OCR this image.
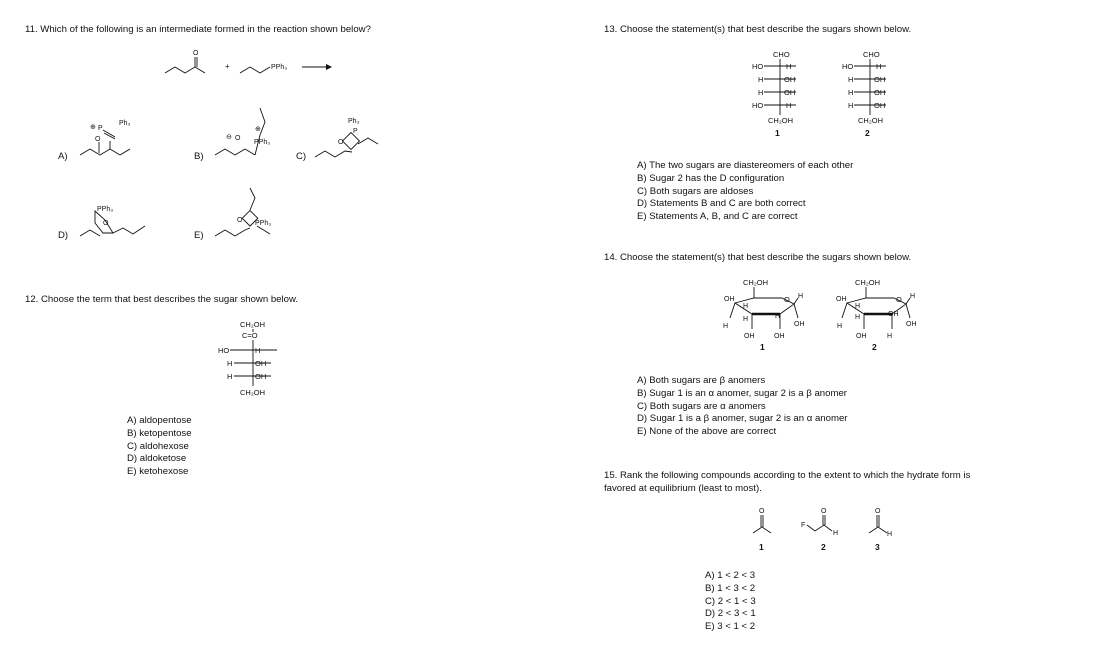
11. Which of the following is an intermediate formed in the reaction shown below?
O
+	PPh₃
A)
⊕ P
Ph₃
O
B)
⊖ O
⊕
PPh₃
C)
Ph₃
P
O
D)
PPh₃
O
E)
O PPh₃
12. Choose the term that best describes the sugar shown below.
CH₂OH
C=O
HO	H
H	OH
H	OH
CH₂OH
A) aldopentose
B) ketopentose
C) aldohexose
D) aldoketose
E) ketohexose
13. Choose the statement(s) that best describe the sugars shown below.
CHO
HO	H
H	OH
H	OH
HO	H
CH₂OH
1
CHO
HO	H
H	OH
H	OH
H	OH
CH₂OH
2
A) The two sugars are diastereomers of each other
B) Sugar 2 has the D configuration
C) Both sugars are aldoses
D) Statements B and C are both correct
E) Statements A, B, and C are correct
14. Choose the statement(s) that best describe the sugars shown below.
CH₂OH
O H
OH
H
H
H
OH
H
OH
OH
1
CH₂OH
O H
OH
H
H
H
OH
OH
H
OH
2
A) Both sugars are β anomers
B) Sugar 1 is an α anomer, sugar 2 is a β anomer
C) Both sugars are α anomers
D) Sugar 1 is a β anomer, sugar 2 is an α anomer
E) None of the above are correct
15. Rank the following compounds according to the extent to which the hydrate form is
favored at equilibrium (least to most).
O
1
F
O
H
2
O
H
3
A) 1 < 2 < 3
B) 1 < 3 < 2
C) 2 < 1 < 3
D) 2 < 3 < 1
E) 3 < 1 < 2
